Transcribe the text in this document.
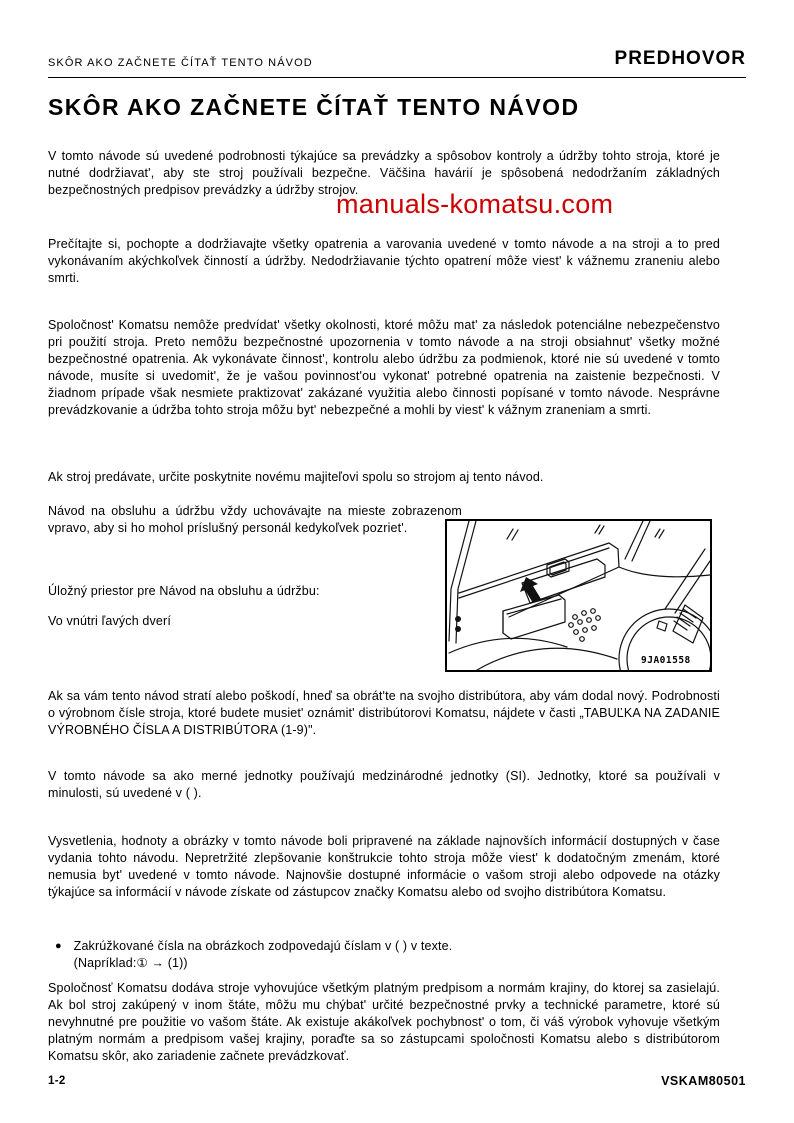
SKÔR AKO ZAČNETE ČÍTAŤ TENTO NÁVOD	PREDHOVOR
SKÔR AKO ZAČNETE ČÍTAŤ TENTO NÁVOD

V tomto návode sú uvedené podrobnosti týkajúce sa prevádzky a spôsobov kontroly a údržby tohto stroja, ktoré je nutné dodržiavat', aby ste stroj používali bezpečne. Väčšina havárií je spôsobená nedodržaním základných bezpečnostných predpisov prevádzky a údržby strojov.

manuals-komatsu.com

Prečítajte si, pochopte a dodržiavajte všetky opatrenia a varovania uvedené v tomto návode a na stroji a to pred vykonávaním akýchkoľvek činností a údržby. Nedodržiavanie týchto opatrení môže viest' k vážnemu zraneniu alebo smrti.

Spoločnost' Komatsu nemôže predvídat' všetky okolnosti, ktoré môžu mat' za následok potenciálne nebezpečenstvo pri použití stroja. Preto nemôžu bezpečnostné upozornenia v tomto návode a na stroji obsiahnut' všetky možné bezpečnostné opatrenia. Ak vykonávate činnost', kontrolu alebo údržbu za podmienok, ktoré nie sú uvedené v tomto návode, musíte si uvedomit', že je vašou povinnost'ou vykonat' potrebné opatrenia na zaistenie bezpečnosti. V žiadnom prípade však nesmiete praktizovat' zakázané využitia alebo činnosti popísané v tomto návode. Nesprávne prevádzkovanie a údržba tohto stroja môžu byt' nebezpečné a mohli by viest' k vážnym zraneniam a smrti.

Ak stroj predávate, určite poskytnite novému majiteľovi spolu so strojom aj tento návod.

Návod na obsluhu a údržbu vždy uchovávajte na mieste zobrazenom vpravo, aby si ho mohol príslušný personál kedykoľvek pozriet'.

Úložný priestor pre Návod na obsluhu a údržbu:

Vo vnútri ľavých dverí

9JA01558

Ak sa vám tento návod stratí alebo poškodí, hneď sa obrát'te na svojho distribútora, aby vám dodal nový. Podrobnosti o výrobnom čísle stroja, ktoré budete musiet' oznámit' distribútorovi Komatsu, nájdete v časti „TABUĽKA NA ZADANIE VÝROBNÉHO ČÍSLA A DISTRIBÚTORA (1-9)".

V tomto návode sa ako merné jednotky používajú medzinárodné jednotky (SI). Jednotky, ktoré sa používali v minulosti, sú uvedené v ( ).

Vysvetlenia, hodnoty a obrázky v tomto návode boli pripravené na základe najnovších informácií dostupných v čase vydania tohto návodu. Nepretržité zlepšovanie konštrukcie tohto stroja môže viest' k dodatočným zmenám, ktoré nemusia byt' uvedené v tomto návode. Najnovšie dostupné informácie o vašom stroji alebo odpovede na otázky týkajúce sa informácií v návode získate od zástupcov značky Komatsu alebo od svojho distribútora Komatsu.

● Zakrúžkované čísla na obrázkoch zodpovedajú číslam v ( ) v texte.

(Napríklad:① → (1))

Spoločnosť Komatsu dodáva stroje vyhovujúce všetkým platným predpisom a normám krajiny, do ktorej sa zasielajú. Ak bol stroj zakúpený v inom štáte, môžu mu chýbat' určité bezpečnostné prvky a technické parametre, ktoré sú nevyhnutné pre použitie vo vašom štáte. Ak existuje akákoľvek pochybnost' o tom, či váš výrobok vyhovuje všetkým platným normám a predpisom vašej krajiny, poraďte sa so zástupcami spoločnosti Komatsu alebo s distribútorom Komatsu skôr, ako zariadenie začnete prevádzkovať.

1-2	VSKAM80501
